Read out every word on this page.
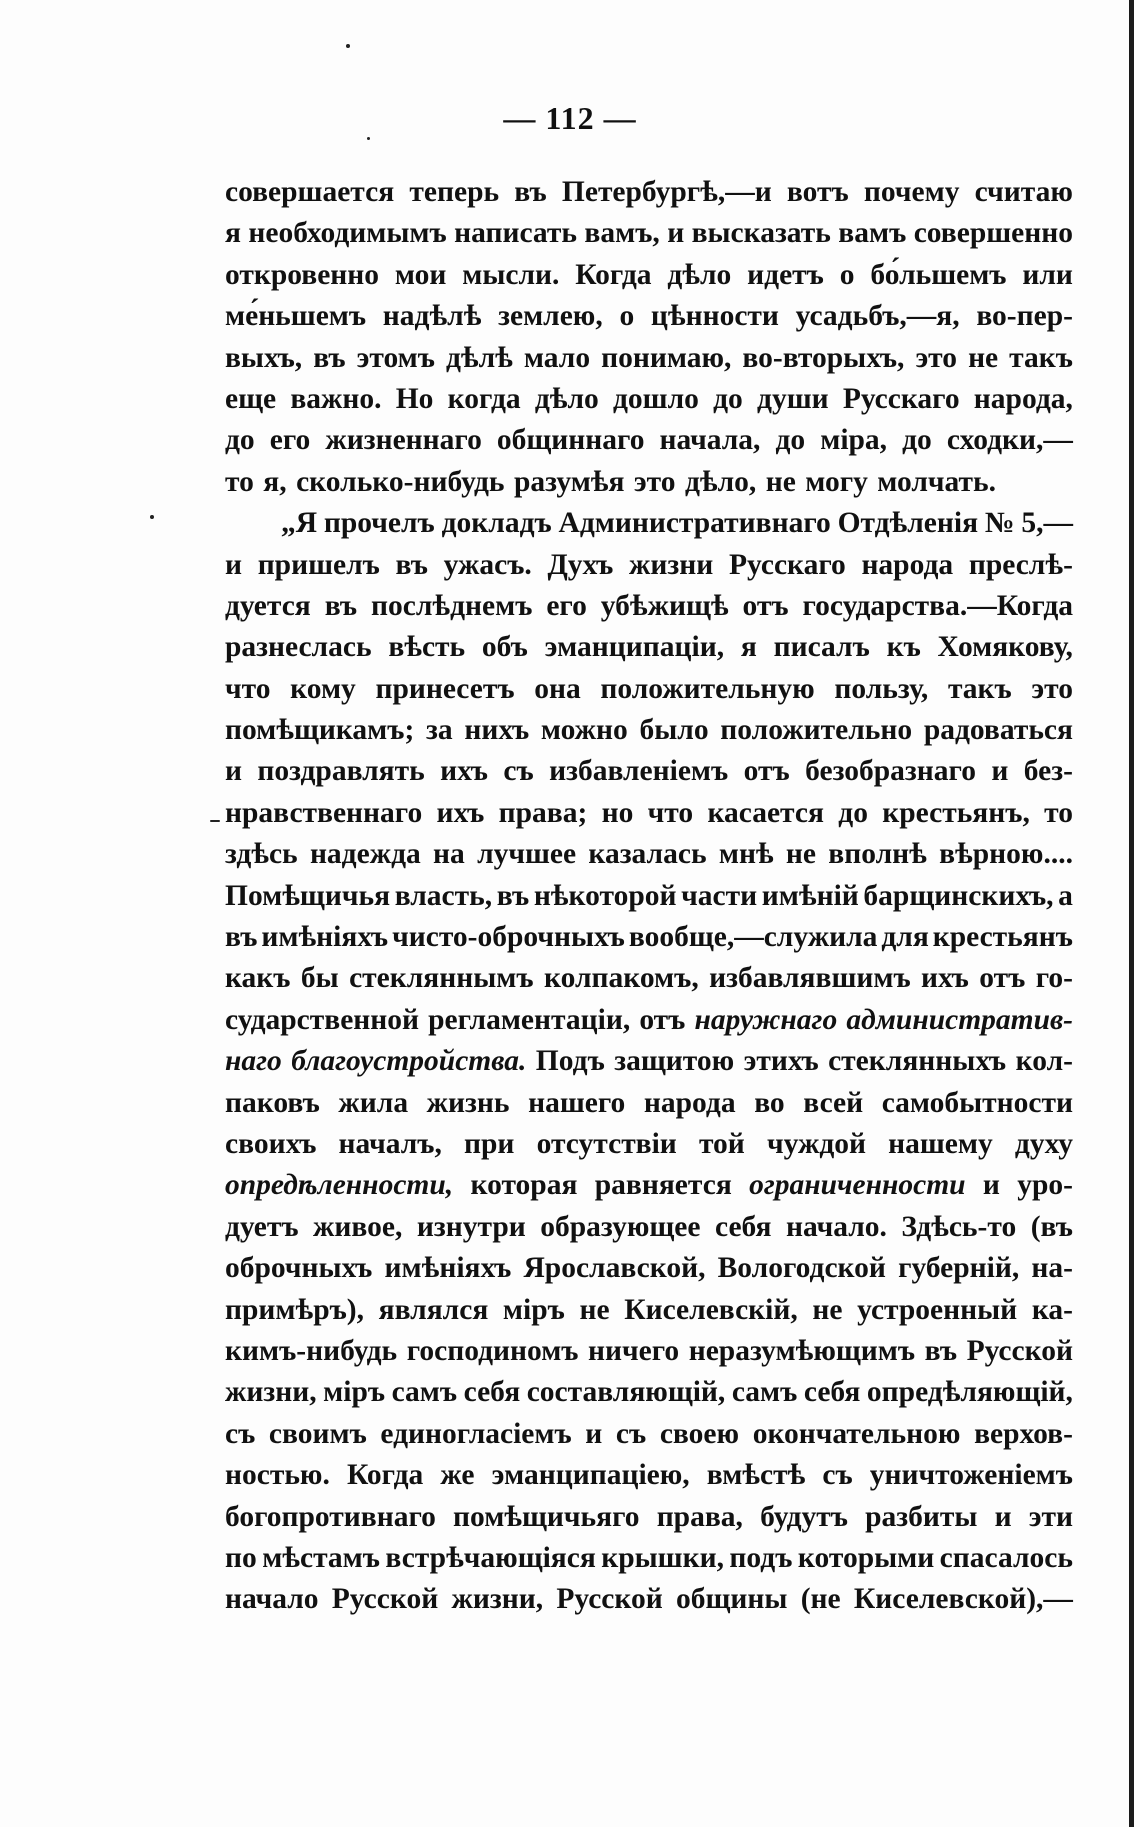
— 112 —
совершается теперь въ Петербургѣ,—и вотъ почему считаю
я необходимымъ написать вамъ, и высказать вамъ совершенно
откровенно мои мысли. Когда дѣло идетъ о бо́льшемъ или
ме́ньшемъ надѣлѣ землею, о цѣнности усадьбъ,—я, во-пер-
выхъ, въ этомъ дѣлѣ мало понимаю, во-вторыхъ, это не такъ
еще важно. Но когда дѣло дошло до души Русскаго народа,
до его жизненнаго общиннаго начала, до міра, до сходки,—
то я, сколько-нибудь разумѣя это дѣло, не могу молчать.
„Я прочелъ докладъ Административнаго Отдѣленія № 5,—
и пришелъ въ ужасъ. Духъ жизни Русскаго народа преслѣ-
дуется въ послѣднемъ его убѣжищѣ отъ государства.—Когда
разнеслась вѣсть объ эманципаціи, я писалъ къ Хомякову,
что кому принесетъ она положительную пользу, такъ это
помѣщикамъ; за нихъ можно было положительно радоваться
и поздравлять ихъ съ избавленіемъ отъ безобразнаго и без-
нравственнаго ихъ права; но что касается до крестьянъ, то
здѣсь надежда на лучшее казалась мнѣ не вполнѣ вѣрною....
Помѣщичья власть, въ нѣкоторой части имѣній барщинскихъ, а
въ имѣніяхъ чисто-оброчныхъ вообще,—служила для крестьянъ
какъ бы стекляннымъ колпакомъ, избавлявшимъ ихъ отъ го-
сударственной регламентаціи, отъ наружнаго административ-
наго благоустройства. Подъ защитою этихъ стеклянныхъ кол-
паковъ жила жизнь нашего народа во всей самобытности
своихъ началъ, при отсутствіи той чуждой нашему духу
опредѣленности, которая равняется ограниченности и уро-
дуетъ живое, изнутри образующее себя начало. Здѣсь-то (въ
оброчныхъ имѣніяхъ Ярославской, Вологодской губерній, на-
примѣръ), являлся міръ не Киселевскій, не устроенный ка-
кимъ-нибудь господиномъ ничего неразумѣющимъ въ Русской
жизни, міръ самъ себя составляющій, самъ себя опредѣляющій,
съ своимъ единогласіемъ и съ своею окончательною верхов-
ностью. Когда же эманципаціею, вмѣстѣ съ уничтоженіемъ
богопротивнаго помѣщичьяго права, будутъ разбиты и эти
по мѣстамъ встрѣчающіяся крышки, подъ которыми спасалось
начало Русской жизни, Русской общины (не Киселевской),—
